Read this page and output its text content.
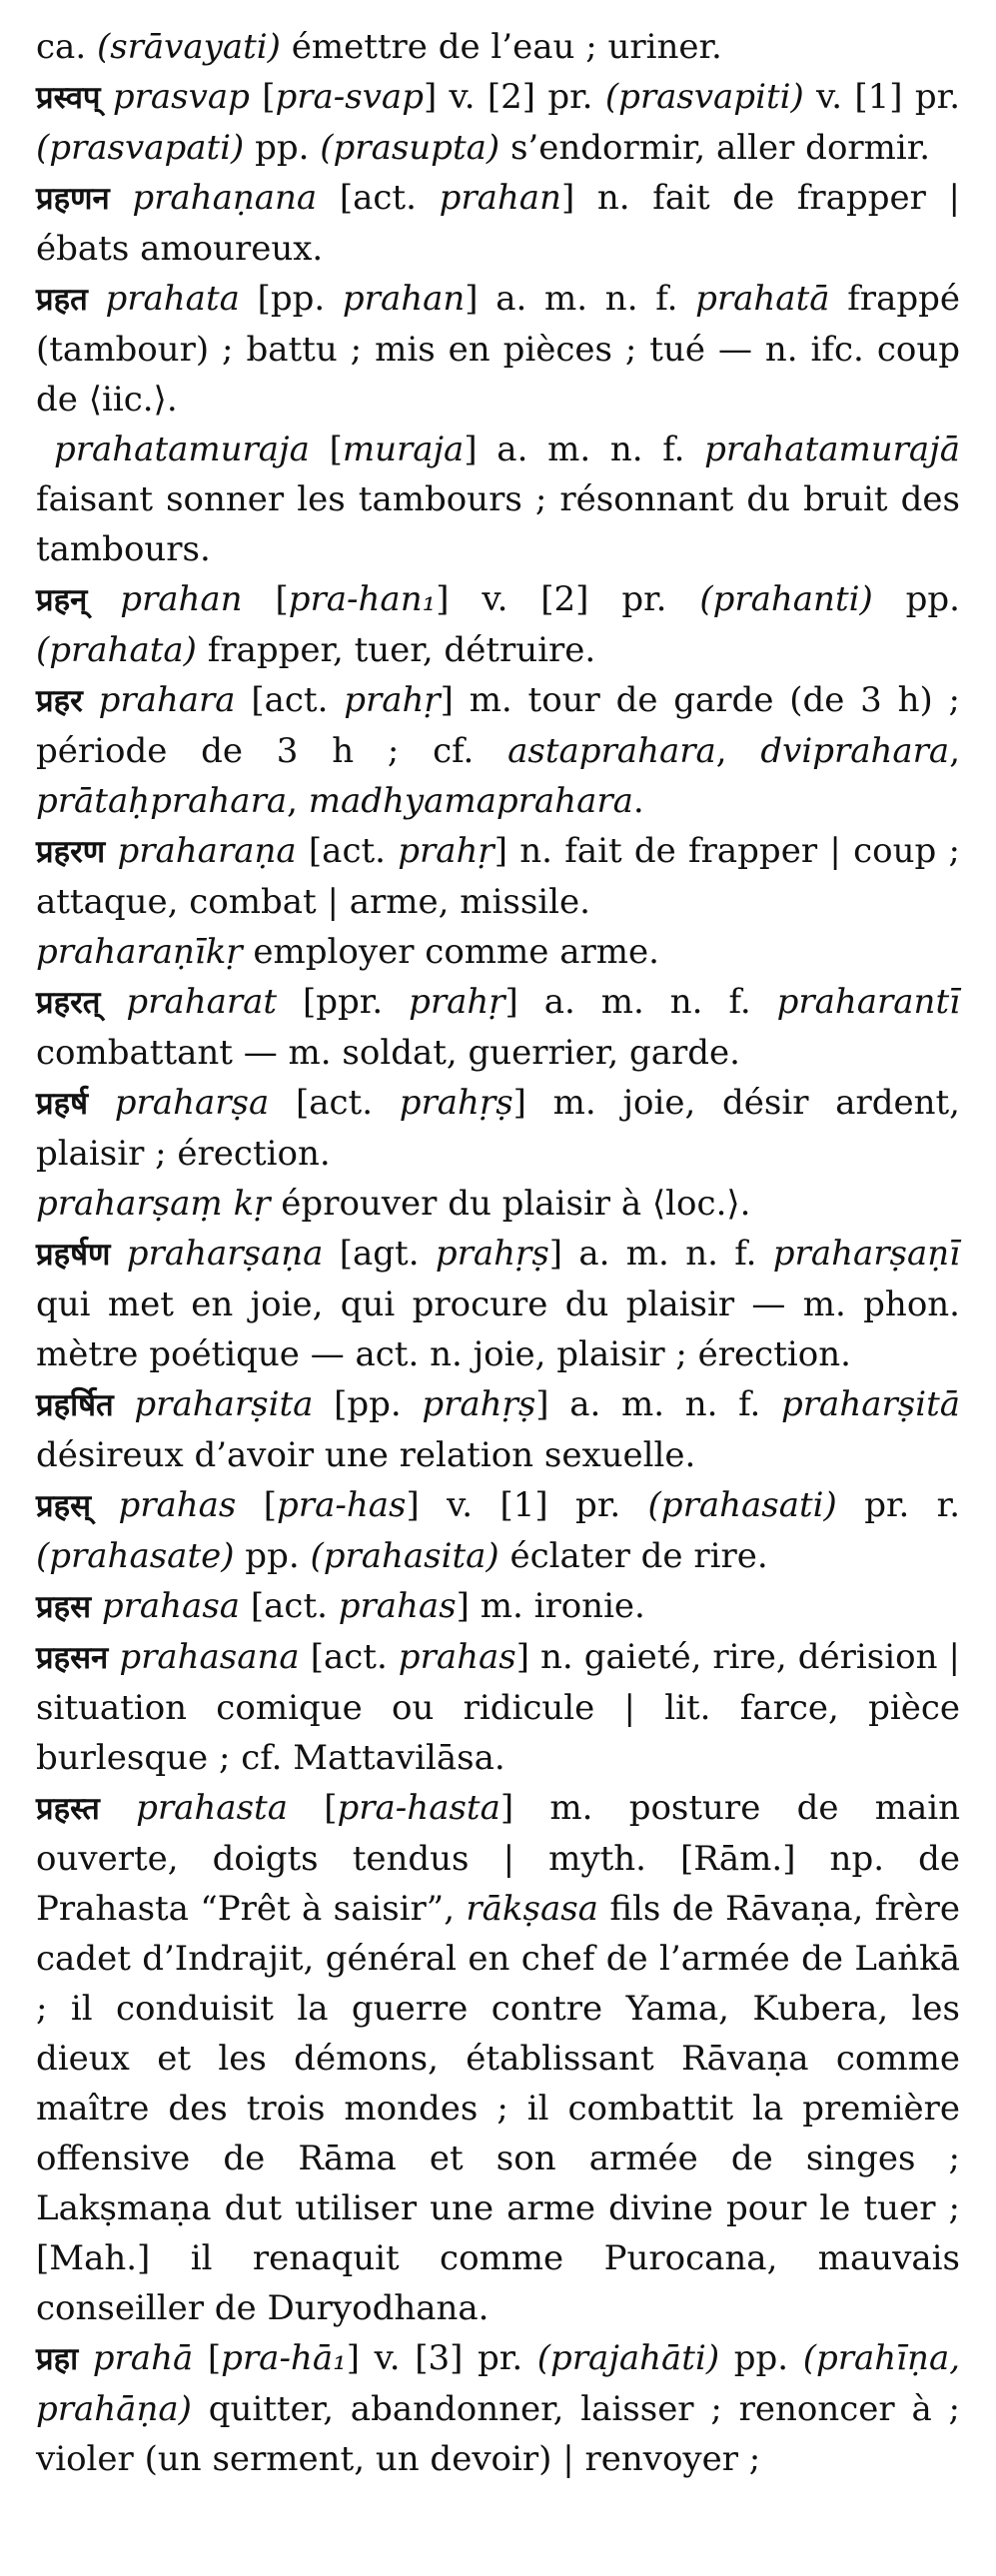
ca. (srāvayati) émettre de l’eau ; uriner.

प्रस्वप् prasvap [pra-svap] v. [2] pr. (prasvapiti) v. [1] pr. (prasvapati) pp. (prasupta) s’endormir, aller dormir.

प्रहणन prahaṇana [act. prahan] n. fait de frapper | ébats amoureux.

प्रहत prahata [pp. prahan] a. m. n. f. prahatā frappé (tambour) ; battu ; mis en pièces ; tué — n. ifc. coup de ⟨iic.⟩.

prahatamuraja [muraja] a. m. n. f. prahatamurajā faisant sonner les tambours ; résonnant du bruit des tambours.

प्रहन् prahan [pra-han₁] v. [2] pr. (prahanti) pp. (prahata) frapper, tuer, détruire.

प्रहर prahara [act. prahṛ] m. tour de garde (de 3 h) ; période de 3 h ; cf. astaprahara, dviprahara, prātaḥprahara, madhyamaprahara.

प्रहरण praharaṇa [act. prahṛ] n. fait de frapper | coup ; attaque, combat | arme, missile.

praharaṇīkṛ employer comme arme.

प्रहरत् praharat [ppr. prahṛ] a. m. n. f. praharantī combattant — m. soldat, guerrier, garde.

प्रहर्ष praharṣa [act. prahṛṣ] m. joie, désir ardent, plaisir ; érection.

praharṣaṃ kṛ éprouver du plaisir à ⟨loc.⟩.

प्रहर्षण praharṣaṇa [agt. prahṛṣ] a. m. n. f. praharṣaṇī qui met en joie, qui procure du plaisir — m. phon. mètre poétique — act. n. joie, plaisir ; érection.

प्रहर्षित praharṣita [pp. prahṛṣ] a. m. n. f. praharṣitā désireux d’avoir une relation sexuelle.

प्रहस् prahas [pra-has] v. [1] pr. (prahasati) pr. r. (prahasate) pp. (prahasita) éclater de rire.

प्रहस prahasa [act. prahas] m. ironie.

प्रहसन prahasana [act. prahas] n. gaieté, rire, dérision | situation comique ou ridicule | lit. farce, pièce burlesque ; cf. Mattavilāsa.

प्रहस्त prahasta [pra-hasta] m. posture de main ouverte, doigts tendus | myth. [Rām.] np. de Prahasta “Prêt à saisir”, rākṣasa fils de Rāvaṇa, frère cadet d’Indrajit, général en chef de l’armée de Laṅkā ; il conduisit la guerre contre Yama, Kubera, les dieux et les démons, établissant Rāvaṇa comme maître des trois mondes ; il combattit la première offensive de Rāma et son armée de singes ; Lakṣmaṇa dut utiliser une arme divine pour le tuer ; [Mah.] il renaquit comme Purocana, mauvais conseiller de Duryodhana.

प्रहा prahā [pra-hā₁] v. [3] pr. (prajahāti) pp. (prahīṇa, prahāṇa) quitter, abandonner, laisser ; renoncer à ; violer (un serment, un devoir) | renvoyer ;
